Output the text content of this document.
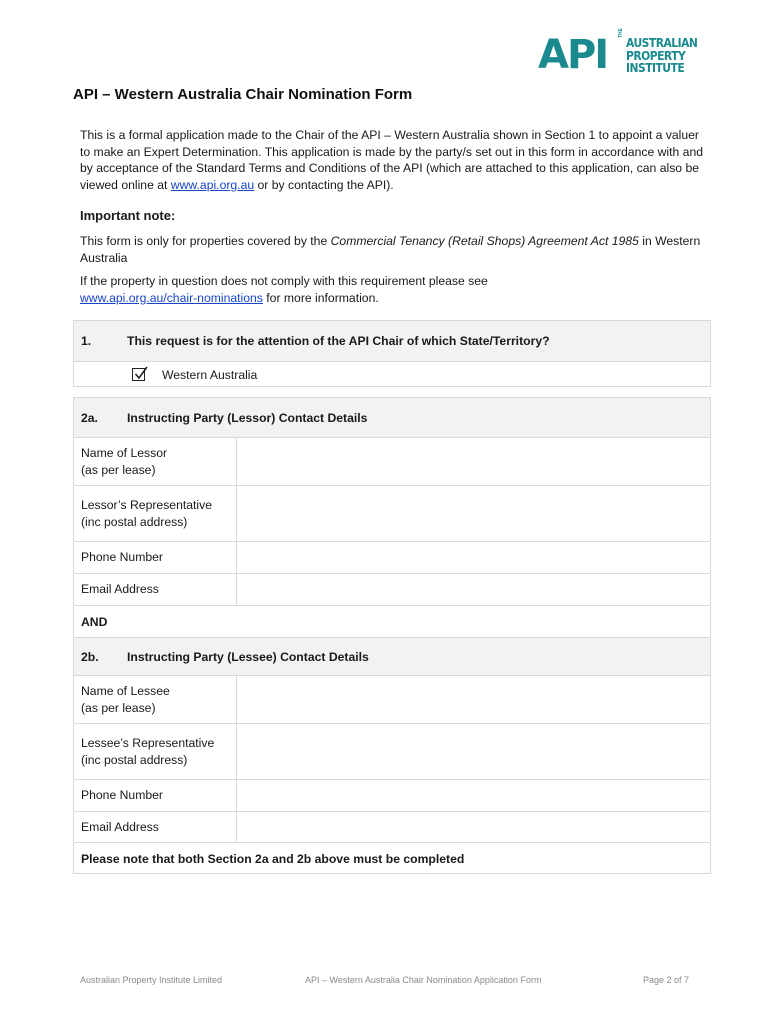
API THE
AUSTRALIAN
PROPERTY
INSTITUTE
API – Western Australia Chair Nomination Form

This is a formal application made to the Chair of the API – Western Australia shown in Section 1 to appoint a valuer to make an Expert Determination. This application is made by the party/s set out in this form in accordance with and by acceptance of the Standard Terms and Conditions of the API (which are attached to this application, can also be viewed online at www.api.org.au or by contacting the API).

Important note:

This form is only for properties covered by the Commercial Tenancy (Retail Shops) Agreement Act 1985 in Western Australia

If the property in question does not comply with this requirement please see
www.api.org.au/chair-nominations for more information.

1.	This request is for the attention of the API Chair of which State/Territory?
Western Australia
2a. Instructing Party (Lessor) Contact Details
Name of Lessor
(as per lease)
Lessor’s Representative
(inc postal address)
Phone Number
Email Address
AND
2b. Instructing Party (Lessee) Contact Details
Name of Lessee
(as per lease)
Lessee’s Representative
(inc postal address)
Phone Number
Email Address
Please note that both Section 2a and 2b above must be completed
Australian Property Institute Limited	API – Western Australia Chair Nomination Application Form	Page 2 of 7
